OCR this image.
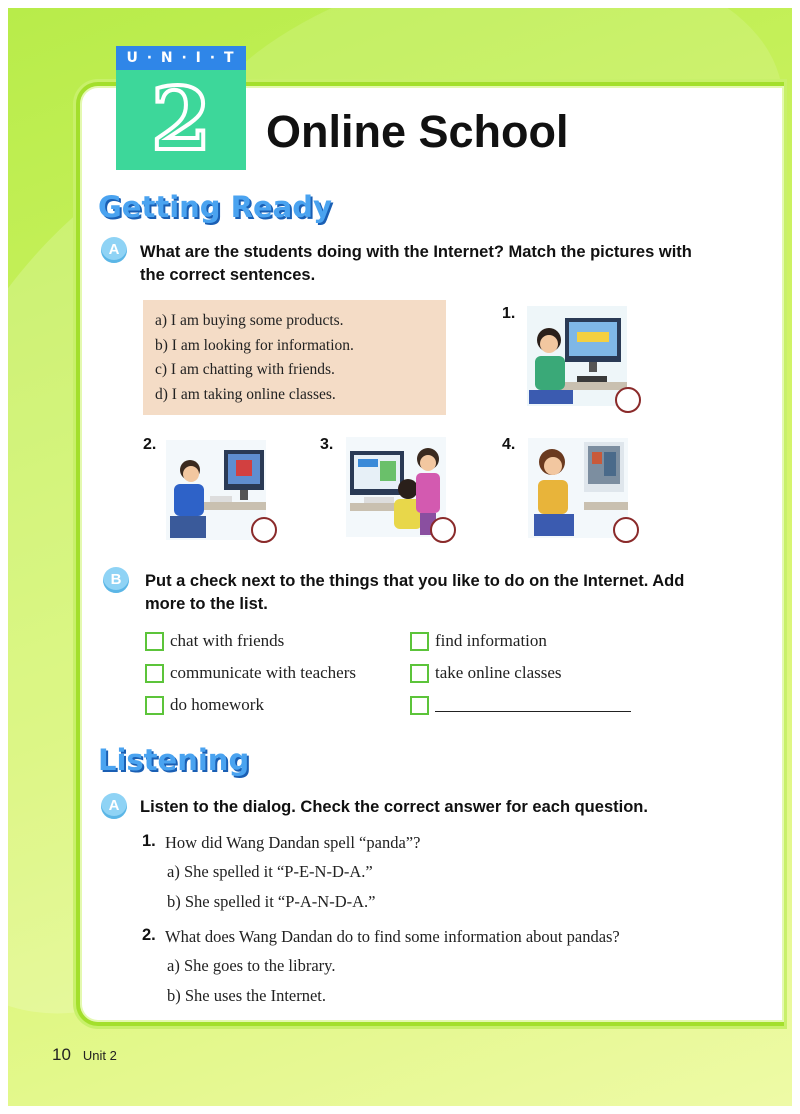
U · N · I · T
2	Online School
Getting Ready
A	What are the students doing with the Internet? Match the pictures with the correct sentences.
a) I am buying some products.
b) I am looking for information.
c) I am chatting with friends.
d) I am taking online classes.
1.
2.	3.	4.
B	Put a check next to the things that you like to do on the Internet. Add more to the list.
chat with friends
communicate with teachers
do homework
find information
take online classes
Listening
A	Listen to the dialog. Check the correct answer for each question.
1. How did Wang Dandan spell “panda”?
a) She spelled it “P-E-N-D-A.”
b) She spelled it “P-A-N-D-A.”
2. What does Wang Dandan do to find some information about pandas?
a) She goes to the library.
b) She uses the Internet.
10 Unit 2
